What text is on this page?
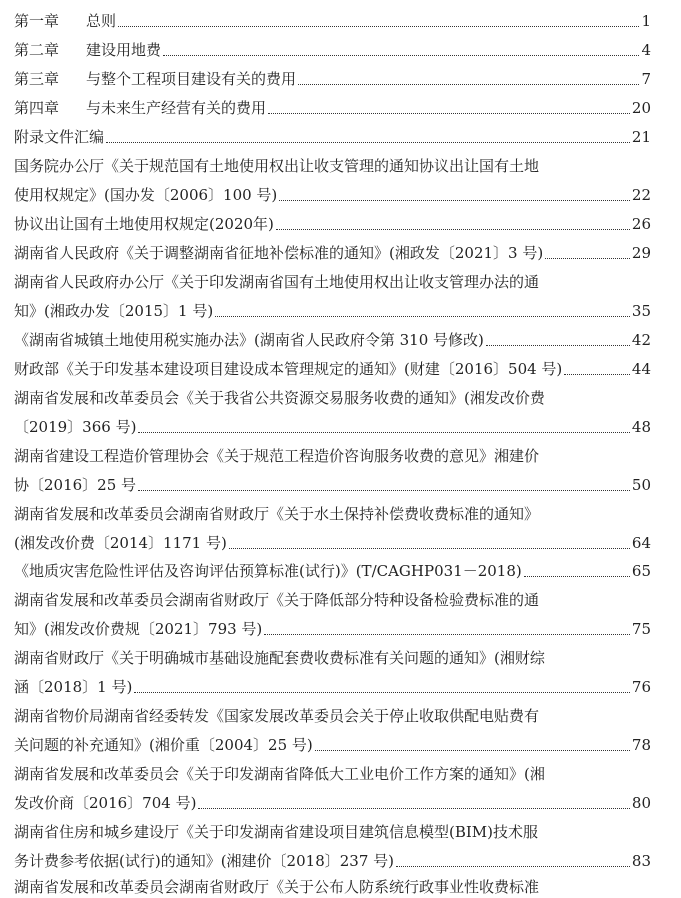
第一章 总则	1
第二章 建设用地费	4
第三章 与整个工程项目建设有关的费用	7
第四章 与未来生产经营有关的费用	20
附录文件汇编	21
国务院办公厅《关于规范国有土地使用权出让收支管理的通知协议出让国有土地
使用权规定》(国办发〔2006〕100 号)	22
协议出让国有土地使用权规定(2020年)	26
湖南省人民政府《关于调整湖南省征地补偿标准的通知》(湘政发〔2021〕3 号)	29
湖南省人民政府办公厅《关于印发湖南省国有土地使用权出让收支管理办法的通
知》(湘政办发〔2015〕1 号)	35
《湖南省城镇土地使用税实施办法》(湖南省人民政府令第 310 号修改)	42
财政部《关于印发基本建设项目建设成本管理规定的通知》(财建〔2016〕504 号)	44
湖南省发展和改革委员会《关于我省公共资源交易服务收费的通知》(湘发改价费
〔2019〕366 号)	48
湖南省建设工程造价管理协会《关于规范工程造价咨询服务收费的意见》湘建价
协〔2016〕25 号	50
湖南省发展和改革委员会湖南省财政厅《关于水土保持补偿费收费标准的通知》
(湘发改价费〔2014〕1171 号)	64
《地质灾害危险性评估及咨询评估预算标准(试行)》(T/CAGHP031－2018)	65
湖南省发展和改革委员会湖南省财政厅《关于降低部分特种设备检验费标准的通
知》(湘发改价费规〔2021〕793 号)	75
湖南省财政厅《关于明确城市基础设施配套费收费标准有关问题的通知》(湘财综
涵〔2018〕1 号)	76
湖南省物价局湖南省经委转发《国家发展改革委员会关于停止收取供配电贴费有
关问题的补充通知》(湘价重〔2004〕25 号)	78
湖南省发展和改革委员会《关于印发湖南省降低大工业电价工作方案的通知》(湘
发改价商〔2016〕704 号)	80
湖南省住房和城乡建设厅《关于印发湖南省建设项目建筑信息模型(BIM)技术服
务计费参考依据(试行)的通知》(湘建价〔2018〕237 号)	83
湖南省发展和改革委员会湖南省财政厅《关于公布人防系统行政事业性收费标准
